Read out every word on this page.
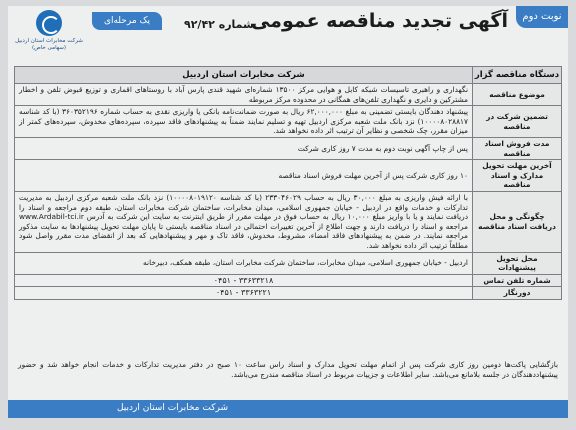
شرکت مخابرات استان اردبیل (سهامی خاص)
یک مرحله‌ای	شماره ۹۲/۴۲
آگهی تجدید مناقصه عمومی	نوبت دوم
دستگاه مناقصه گزار	شرکت مخابرات استان اردبیل
موضوع مناقصه	نگهداری و راهبری تاسیسات شبکه کابل و هوایی مرکز ۱۳۵۰۰ شماره‌ای شهید قندی پارس آباد با روستاهای اقماری و توزیع قبوض تلفن و اخطار مشترکین و دایری و نگهداری تلفن‌های همگانی در محدوده مرکز مربوطه
تضمین شرکت در مناقصه	پیشنهاد دهندگان بایستی تضمینی به مبلغ ۶۲,۰۰۰,۰۰۰ ریال به صورت ضمانت‌نامه بانکی یا واریزی نقدی به حساب شماره ۳۶۰۳۵۲۱۹۶ (با کد شناسه ۱۰۰۰۰۸۰۲۸۸۱۷) نزد بانک ملت شعبه مرکزی اردبیل تهیه و تسلیم نمایند ضمناً به پیشنهادهای فاقد سپرده، سپرده‌های مخدوش، سپرده‌های کمتر از میزان مقرر، چک شخصی و نظایر آن ترتیب اثر داده نخواهد شد.
مدت فروش اسناد مناقصه	پس از چاپ آگهی نوبت دوم به مدت ۷ روز کاری شرکت
آخرین مهلت تحویل مدارک و اسناد مناقصه	۱۰ روز کاری شرکت پس از آخرین مهلت فروش اسناد مناقصه
چگونگی و محل دریافت اسناد مناقصه	با ارائه فیش واریزی به مبلغ ۳۰,۰۰۰ ریال به حساب ۲۳۳۰۴۶۰۲۹ (با کد شناسه ۱۰۰۰۰۸۰۱۹۱۲۰) نزد بانک ملت شعبه مرکزی اردبیل به مدیریت تدارکات و خدمات واقع در اردبیل - خیابان جمهوری اسلامی، میدان مخابرات، ساختمان شرکت مخابرات استان، طبقه دوم مراجعه و اسناد را دریافت نمایند و یا با واریز مبلغ ۱۰,۰۰۰ ریال به حساب فوق در مهلت مقرر از طریق اینترنت به سایت این شرکت به آدرس www.Ardabil-tci.ir مراجعه و اسناد را دریافت دارند و جهت اطلاع از آخرین تغییرات احتمالی در اسناد مناقصه بایستی تا پایان مهلت تحویل پیشنهادها به سایت مذکور مراجعه نمایند. در ضمن به پیشنهادهای فاقد امضاء، مشروط، مخدوش، فاقد تاک و مهر و پیشنهادهایی که بعد از انقضای مدت مقرر واصل شود مطلقاً ترتیب اثر داده نخواهد شد.
محل تحویل پیشنهادات	اردبیل - خیابان جمهوری اسلامی، میدان مخابرات، ساختمان شرکت مخابرات استان، طبقه همکف، دبیرخانه
شماره تلفن تماس	۰۴۵۱ - ۳۳۶۳۳۲۱۸
دورنگار	۰۴۵۱ - ۳۳۶۳۲۲۱
بازگشایی پاکت‌ها دومین روز کاری شرکت پس از اتمام مهلت تحویل مدارک و اسناد راس ساعت ۱۰ صبح در دفتر مدیریت تدارکات و خدمات انجام خواهد شد و حضور پیشنهاددهندگان در جلسه بلامانع می‌باشد. سایر اطلاعات و جزییات مربوط در اسناد مناقصه مندرج می‌باشد.
شرکت مخابرات استان اردبیل
